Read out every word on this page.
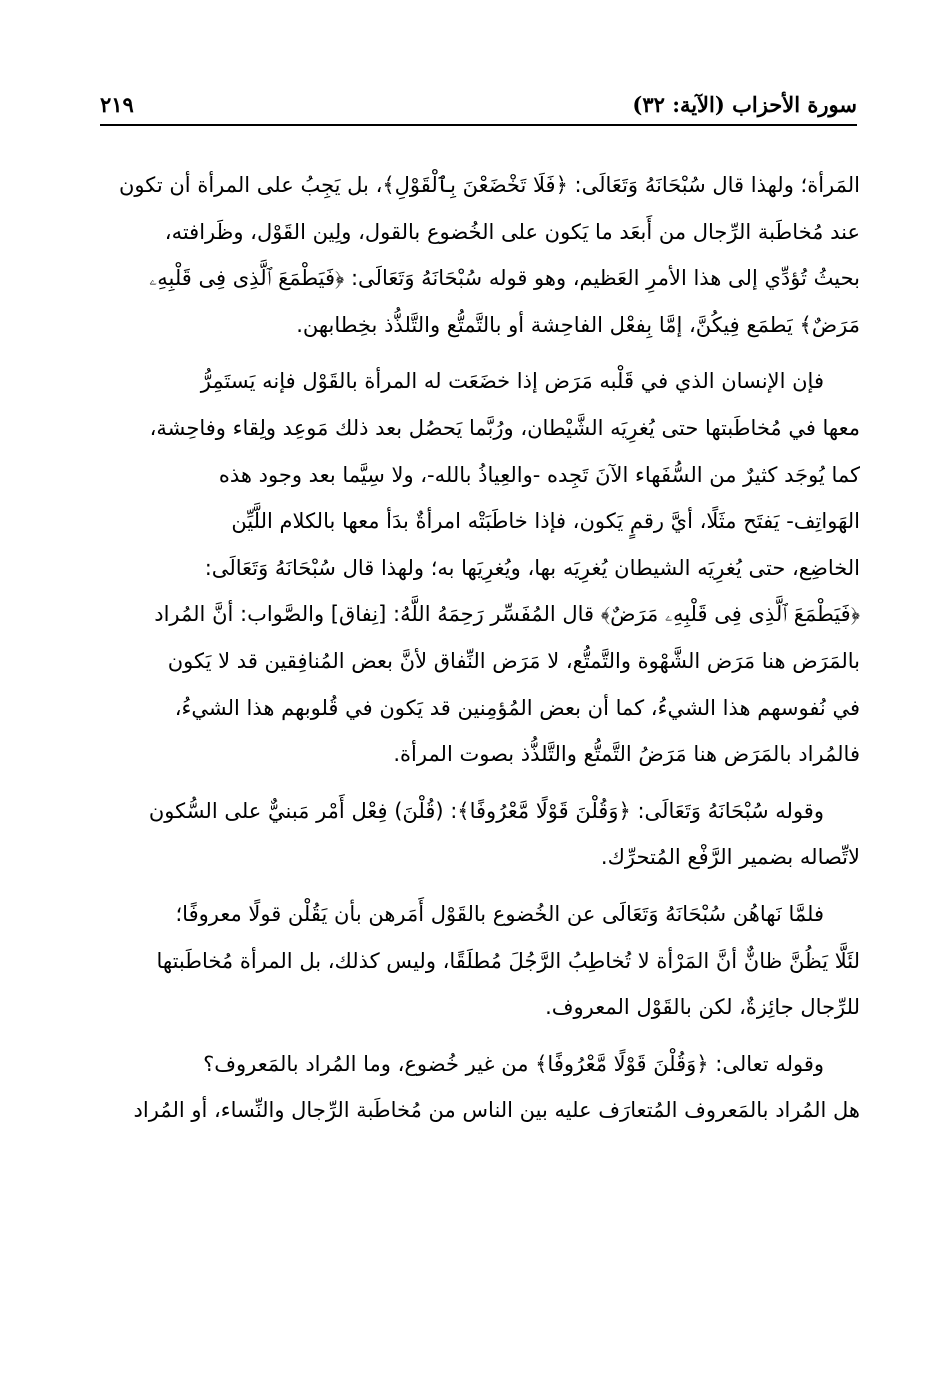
سورة الأحزاب (الآية: ٣٢)
٢١٩
المَرأة؛ ولهذا قال سُبْحَانَهُ وَتَعَالَى: ﴿فَلَا تَخْضَعْنَ بِٱلْقَوْلِ﴾، بل يَجِبُ على المرأة أن تكون
عند مُخاطَبة الرِّجال من أَبعَد ما يَكون على الخُضوع بالقول، ولِين القَوْل، وظَرافته،
بحيثُ تُؤدِّي إلى هذا الأمرِ العَظيم، وهو قوله سُبْحَانَهُ وَتَعَالَى: ﴿فَيَطْمَعَ ٱلَّذِى فِى قَلْبِهِۦ
مَرَضٌ﴾ يَطمَع فِيكُنَّ، إمَّا بِفعْل الفاحِشة أو بالتَّمتُّع والتَّلذُّذ بخِطابهن.
فإن الإنسان الذي في قَلْبه مَرَض إذا خضَعَت له المرأة بالقَوْل فإنه يَستَمِرُّ
معها في مُخاطَبتها حتى يُغرِيَه الشَّيْطان، ورُبَّما يَحصُل بعد ذلك مَوعِد ولِقاء وفاحِشة،
كما يُوجَد كثيرٌ من السُّفَهاء الآنَ تَجِده -والعِياذُ بالله-، ولا سِيَّما بعد وجود هذه
الهَواتِف- يَفتَح مثَلًا، أيَّ رقمٍ يَكون، فإذا خاطَبَتْه امرأةٌ بدَأ معها بالكلام اللَّيِّن
الخاضِع، حتى يُغرِيَه الشيطان يُغرِيَه بها، ويُغرِيَها به؛ ولهذا قال سُبْحَانَهُ وَتَعَالَى:
﴿فَيَطْمَعَ ٱلَّذِى فِى قَلْبِهِۦ مَرَضٌ﴾ قال المُفَسِّر رَحِمَهُ اللَّهُ: [نِفاق] والصَّواب: أنَّ المُراد
بالمَرَض هنا مَرَض الشَّهْوة والتَّمتُّع، لا مَرَض النِّفاق لأنَّ بعض المُنافِقين قد لا يَكون
في نُفوسهم هذا الشيءُ، كما أن بعض المُؤمِنين قد يَكون في قُلوبهم هذا الشيءُ،
فالمُراد بالمَرَض هنا مَرَضُ التَّمتُّع والتَّلذُّذ بصوت المرأة.
وقوله سُبْحَانَهُ وَتَعَالَى: ﴿وَقُلْنَ قَوْلًا مَّعْرُوفًا﴾: (قُلْنَ) فِعْل أَمْر مَبنيٌّ على السُّكون
لاتِّصاله بضمير الرَّفْع المُتحرِّك.
فلمَّا نَهاهُن سُبْحَانَهُ وَتَعَالَى عن الخُضوع بالقَوْل أَمَرهن بأن يَقُلْن قولًا معروفًا؛
لئَلَّا يَظُنَّ ظانٌّ أنَّ المَرْأة لا تُخاطِبُ الرَّجُلَ مُطلَقًا، وليس كذلك، بل المرأة مُخاطَبتها
للرِّجال جائِزةٌ، لكن بالقَوْل المعروف.
وقوله تعالى: ﴿وَقُلْنَ قَوْلًا مَّعْرُوفًا﴾ من غير خُضوع، وما المُراد بالمَعروف؟
هل المُراد بالمَعروف المُتعارَف عليه بين الناس من مُخاطَبة الرِّجال والنِّساء، أو المُراد
